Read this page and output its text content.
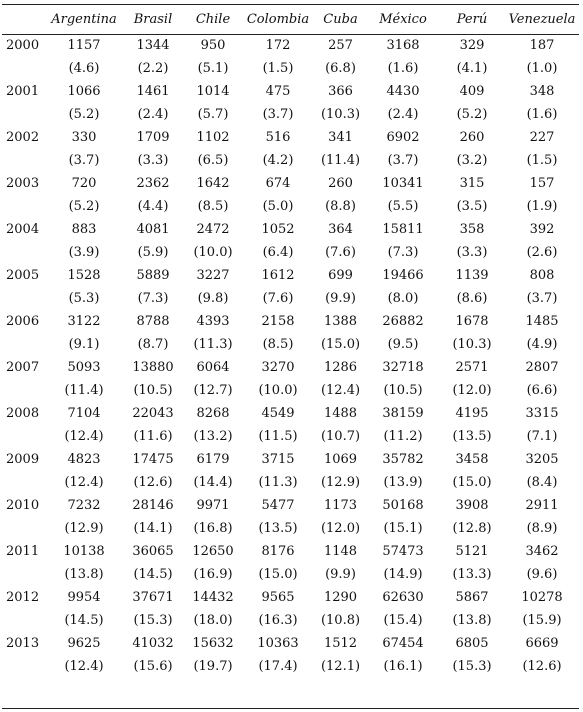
	Argentina	Brasil	Chile	Colombia	Cuba	México	Perú	Venezuela
2000	1157	1344	950	172	257	3168	329	187
	(4.6)	(2.2)	(5.1)	(1.5)	(6.8)	(1.6)	(4.1)	(1.0)
2001	1066	1461	1014	475	366	4430	409	348
	(5.2)	(2.4)	(5.7)	(3.7)	(10.3)	(2.4)	(5.2)	(1.6)
2002	330	1709	1102	516	341	6902	260	227
	(3.7)	(3.3)	(6.5)	(4.2)	(11.4)	(3.7)	(3.2)	(1.5)
2003	720	2362	1642	674	260	10341	315	157
	(5.2)	(4.4)	(8.5)	(5.0)	(8.8)	(5.5)	(3.5)	(1.9)
2004	883	4081	2472	1052	364	15811	358	392
	(3.9)	(5.9)	(10.0)	(6.4)	(7.6)	(7.3)	(3.3)	(2.6)
2005	1528	5889	3227	1612	699	19466	1139	808
	(5.3)	(7.3)	(9.8)	(7.6)	(9.9)	(8.0)	(8.6)	(3.7)
2006	3122	8788	4393	2158	1388	26882	1678	1485
	(9.1)	(8.7)	(11.3)	(8.5)	(15.0)	(9.5)	(10.3)	(4.9)
2007	5093	13880	6064	3270	1286	32718	2571	2807
	(11.4)	(10.5)	(12.7)	(10.0)	(12.4)	(10.5)	(12.0)	(6.6)
2008	7104	22043	8268	4549	1488	38159	4195	3315
	(12.4)	(11.6)	(13.2)	(11.5)	(10.7)	(11.2)	(13.5)	(7.1)
2009	4823	17475	6179	3715	1069	35782	3458	3205
	(12.4)	(12.6)	(14.4)	(11.3)	(12.9)	(13.9)	(15.0)	(8.4)
2010	7232	28146	9971	5477	1173	50168	3908	2911
	(12.9)	(14.1)	(16.8)	(13.5)	(12.0)	(15.1)	(12.8)	(8.9)
2011	10138	36065	12650	8176	1148	57473	5121	3462
	(13.8)	(14.5)	(16.9)	(15.0)	(9.9)	(14.9)	(13.3)	(9.6)
2012	9954	37671	14432	9565	1290	62630	5867	10278
	(14.5)	(15.3)	(18.0)	(16.3)	(10.8)	(15.4)	(13.8)	(15.9)
2013	9625	41032	15632	10363	1512	67454	6805	6669
	(12.4)	(15.6)	(19.7)	(17.4)	(12.1)	(16.1)	(15.3)	(12.6)
